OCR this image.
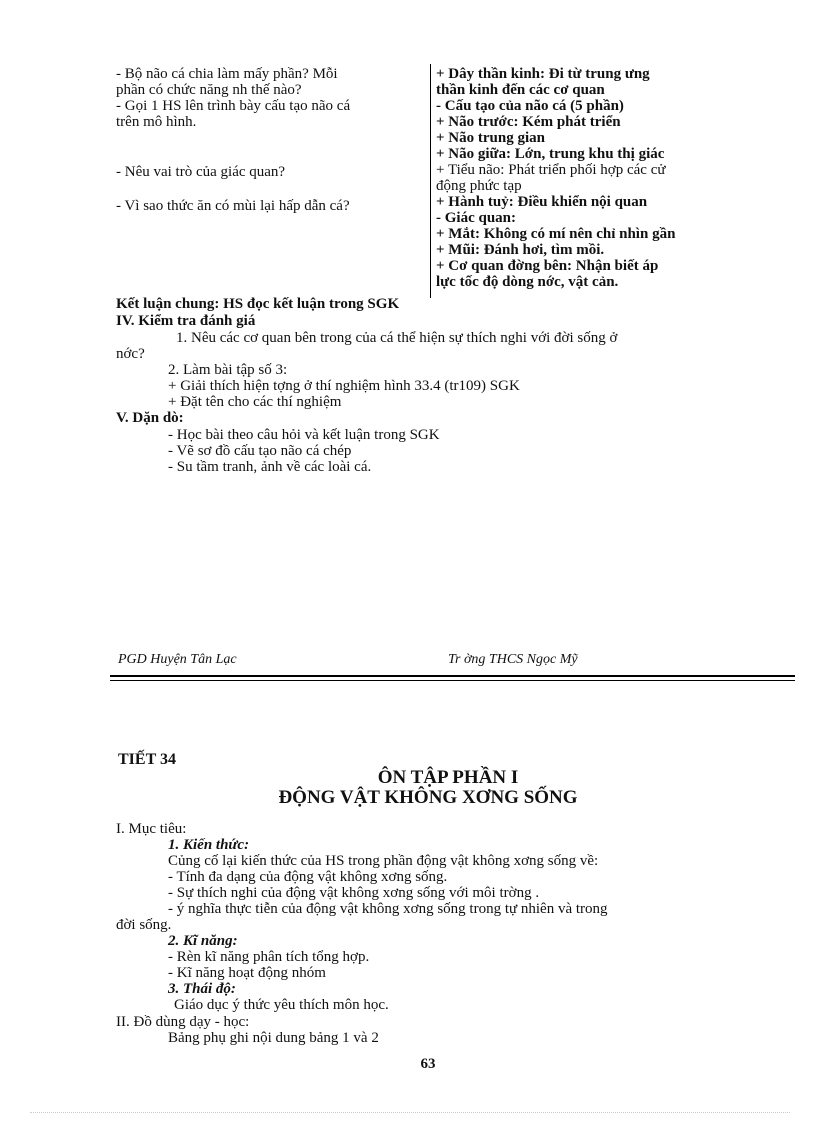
- Bộ não cá chia làm mấy phần? Mỗi
phần có chức năng nh thế nào?
- Gọi 1 HS lên trình bày cấu tạo não cá
trên mô hình.
- Nêu vai trò của giác quan?
- Vì sao thức ăn có mùi lại hấp dẫn cá?
+ Dây thần kinh: Đi từ trung ưng
thần kinh đến các cơ quan
- Cấu tạo của não cá (5 phần)
+ Não trước: Kém phát triển
+ Não trung gian
+ Não giữa: Lớn, trung khu thị giác
+ Tiểu não: Phát triển phối hợp các cử
động phức tạp
+ Hành tuỷ: Điều khiển nội quan
- Giác quan:
+ Mắt: Không có mí nên chỉ nhìn gần
+ Mũi: Đánh hơi, tìm mồi.
+ Cơ quan đờng bên: Nhận biết áp
lực tốc độ dòng nớc, vật cản.
Kết luận chung: HS đọc kết luận trong SGK
IV. Kiểm tra đánh giá
1. Nêu các cơ quan bên trong của cá thể hiện sự thích nghi với đời sống ở
nớc?
2. Làm bài tập số 3:
+ Giải thích hiện tợng ở thí nghiệm hình 33.4 (tr109) SGK
+ Đặt tên cho các thí nghiệm
V. Dặn dò:
- Học bài theo câu hỏi và kết luận trong SGK
- Vẽ sơ đồ cấu tạo não cá chép
- Su tầm tranh, ảnh về các loài cá.
PGD Huyện Tân Lạc	Tr ờng THCS Ngọc Mỹ
TIẾT 34
ÔN TẬP PHẦN I
ĐỘNG VẬT KHÔNG XƠNG SỐNG
I. Mục tiêu:
1. Kiến thức:
Củng cố lại kiến thức của HS trong phần động vật không xơng sống về:
- Tính đa dạng của động vật không xơng sống.
- Sự thích nghi của động vật không xơng sống với môi trờng .
- ý nghĩa thực tiễn của động vật không xơng sống trong tự nhiên và trong
đời sống.
2. Kĩ năng:
- Rèn kĩ năng phân tích tổng hợp.
- Kĩ năng hoạt động nhóm
3. Thái độ:
Giáo dục ý thức yêu thích môn học.
II. Đồ dùng dạy - học:
Bảng phụ ghi nội dung bảng 1 và 2
63
